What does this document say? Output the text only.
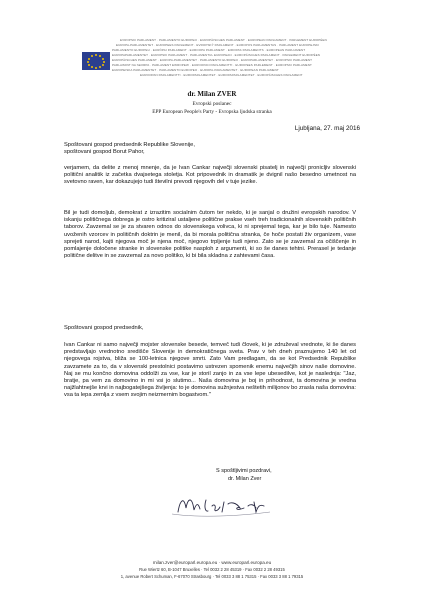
EVROPSKI PARLAMENT · PARLAMENTO EUROPEO · EUROPÄISCHES PARLAMENT · EUROPEAN PARLIAMENT · PARLEMENT EUROPÉEN
EUROPA-PARLAMENTET · EUROPEES PARLEMENT · EVROPSKÝ PARLAMENT · EUROPOS PARLAMENTAS · PARLAMENT EUROPEJSKI
PARLAMENTO EUROPEU · EURÓPAI PARLAMENT · EUROOPA PARLAMENT · EIROPAS PARLAMENTS · EUROPEAN PARLIAMENT
EUROPAPARLAMENTET · EUROPSKI PARLAMENT · PARLAMENTUL EUROPEAN · EUROPÄISCHES PARLAMENT · PARLEMENT EUROPÉEN
EUROPÄISCHES PARLAMENT · EUROPA-PARLAMENTET · PARLAMENTO EUROPEO · EUROPARLAMENTET · EVROPSKI PARLAMENT
PARLAIMINT NA hEORPA · PARLAMENT EWROPEW · EUROOPAN PARLAMENTTI · EUROPEES PARLEMENT · EUROPSKI PARLAMENT
EUROPEISKA PARLAMENTET · PARLAMENTO EUROPEO · EUROPA-PARLAMENTET · EUROPEAN PARLIAMENT
EUROOPAN PARLAMENTTI · EUROPARLAMENTET · EUROPAPARLAMENTET · EUROPÄISCHES PARLAMENT
dr. Milan ZVER
Evropski poslanec
EPP European People's Party - Evropska ljudska stranka
Ljubljana, 27. maj 2016

Spoštovani gospod predsednik Republike Slovenije,

spoštovani gospod Borut Pahor,

verjamem, da delite z menoj mnenje, da je Ivan Cankar največji slovenski pisatelj in največji pronicljiv slovenski politični analitik iz začetka dvajsetega stoletja. Kot pripovednik in dramatik je dvignil našo besedno umetnost na svetovno raven, kar dokazujejo tudi številni prevodi njegovih del v tuje jezike.

Bil je tudi domoljub, demokrat z izrazitim socialnim čutom ter nekdo, ki je sanjal o družini evropskih narodov. V iskanju političnega dobrega je ostro kritiziral ustaljene politične prakse vseh treh tradicionalnih slovenskih političnih taborov. Zavzemal se je za stvaren odnos do slovenskega volivca, ki ni sprejemal tega, kar je bilo tuje. Namesto uvoženih vzorcev in političnih doktrin je menil, da bi morala politična stranka, če hoče postati živ organizem, vase sprejeti narod, kajti njegova moč je njena moč, njegovo trpljenje tudi njeno. Zato se je zavzemal za očiščenje in pomlajenje določene stranke in slovenske politike nasploh z argumenti, ki so še danes tehtni. Prerasel je tedanje politične delitve in se zavzemal za novo politiko, ki bi bila skladna z zahtevami časa.

Spoštovani gospod predsednik,

Ivan Cankar ni samo največji mojster slovenske besede, temveč tudi človek, ki je združeval vrednote, ki še danes predstavljajo vrednotno središče Slovenije in demokratičnega sveta. Prav v teh dneh praznujemo 140 let od njegovega rojstva, bliža se 100-letnica njegove smrti. Zato Vam predlagam, da se kot Predsednik Republike zavzamete za to, da v slovenski prestolnici postavimo ustrezen spomenik enemu največjih sinov naše domovine. Naj se mu končno domovina oddolži za vse, kar je storil zanjo in za vse lepe ubesedilve, kot je naslednja: "Jaz, bratje, pa vem za domovino in mi vsi jo slutimo... Naša domovina je boj in prihodnost, ta domovina je vredna najžlahtnejše krvi in najbogatejšega življenja: to je domovina sužnjestva neštetih milijonov bo zrasla naša domovina: vsa ta lepa zemlja z vsem svojim neizmernim bogastvom."

S spoštljivimi pozdravi,
dr. Milan Zver
milan.zver@europarl.europa.eu · www.europarl.europa.eu
Rue Wiertz 60, B-1047 Bruxelles · Tel 0032 2 28 45319 · Fax 0032 2 28 49315
1, avenue Robert Schuman, F-67070 Strasbourg · Tel 0033 3 88 1 75315 · Fax 0033 3 88 1 79315
